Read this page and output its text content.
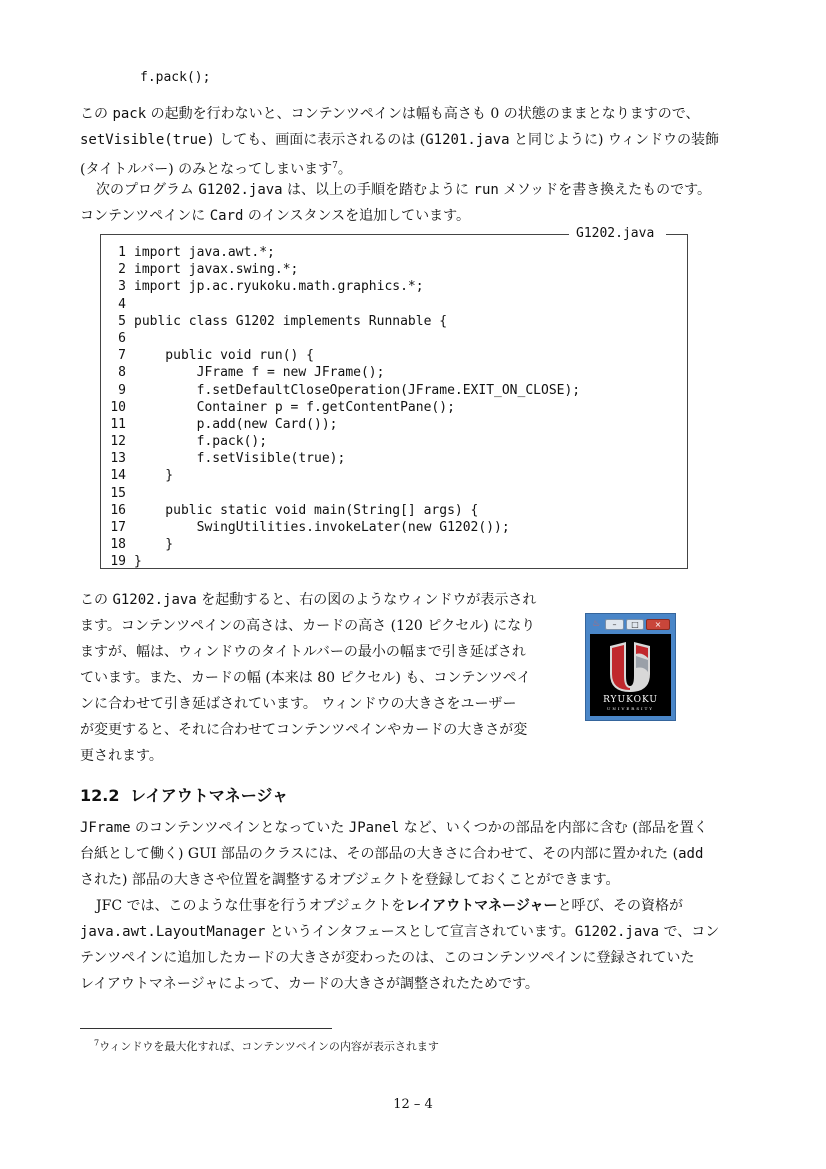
f.pack();
この pack の起動を行わないと、コンテンツペインは幅も高さも 0 の状態のままとなりますので、
setVisible(true) しても、画面に表示されるのは (G1201.java と同じように) ウィンドウの装飾
(タイトルバー) のみとなってしまいます$^7$。
次のプログラム G1202.java は、以上の手順を踏むように run メソッドを書き換えたものです。
コンテンツペインに Card のインスタンスを追加しています。
G1202.java
1 import java.awt.*;
2 import javax.swing.*;
3 import jp.ac.ryukoku.math.graphics.*;
4
5 public class G1202 implements Runnable {
6
7    public void run() {
8        JFrame f = new JFrame();
9        f.setDefaultCloseOperation(JFrame.EXIT_ON_CLOSE);
10        Container p = f.getContentPane();
11        p.add(new Card());
12        f.pack();
13        f.setVisible(true);
14    }
15
16    public static void main(String[] args) {
17        SwingUtilities.invokeLater(new G1202());
18    }
19 }
この G1202.java を起動すると、右の図のようなウィンドウが表示され
ます。コンテンツペインの高さは、カードの高さ (120 ピクセル) になり
ますが、幅は、ウィンドウのタイトルバーの最小の幅まで引き延ばされ
ています。また、カードの幅 (本来は 80 ピクセル) も、コンテンツペイ
ンに合わせて引き延ばされています。 ウィンドウの大きさをユーザー
が変更すると、それに合わせてコンテンツペインやカードの大きさが変
更されます。
♨	–	□	×
RYUKOKU
UNIVERSITY
12.2 レイアウトマネージャ
JFrame のコンテンツペインとなっていた JPanel など、いくつかの部品を内部に含む (部品を置く
台紙として働く) GUI 部品のクラスには、その部品の大きさに合わせて、その内部に置かれた (add
された) 部品の大きさや位置を調整するオブジェクトを登録しておくことができます。
JFC では、このような仕事を行うオブジェクトをレイアウトマネージャーと呼び、その資格が
java.awt.LayoutManager というインタフェースとして宣言されています。G1202.java で、コン
テンツペインに追加したカードの大きさが変わったのは、このコンテンツペインに登録されていた
レイアウトマネージャによって、カードの大きさが調整されたためです。
$^7$ウィンドウを最大化すれば、コンテンツペインの内容が表示されます
12 – 4
